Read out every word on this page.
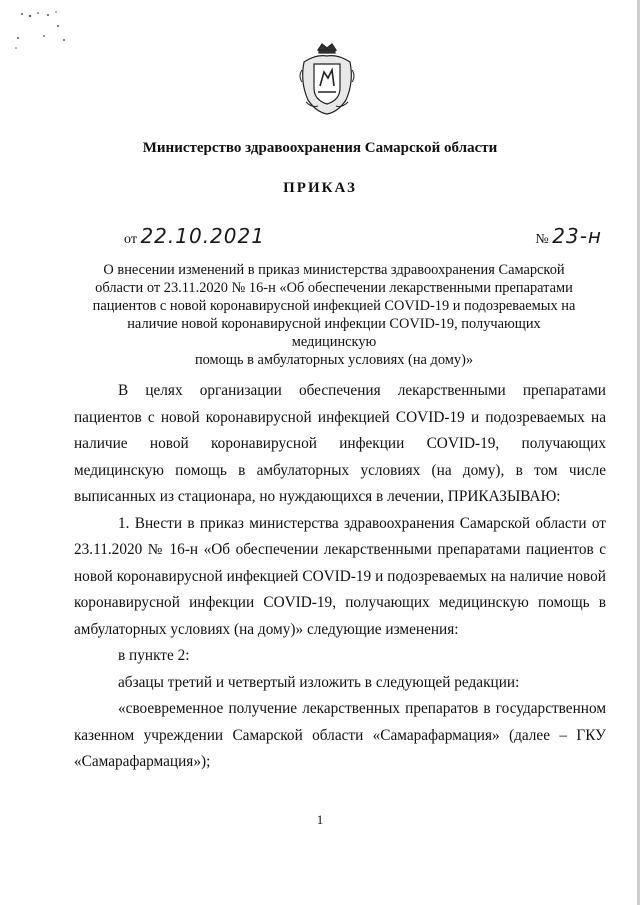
Министерство здравоохранения Самарской области
ПРИКАЗ
от 22.10.2021	№ 23-н
О внесении изменений в приказ министерства здравоохранения Самарской
области от 23.11.2020 № 16-н «Об обеспечении лекарственными препаратами
пациентов с новой коронавирусной инфекцией COVID-19 и подозреваемых на
наличие новой коронавирусной инфекции COVID-19, получающих медицинскую
помощь в амбулаторных условиях (на дому)»

В целях организации обеспечения лекарственными препаратами пациентов с новой коронавирусной инфекцией COVID-19 и подозреваемых на наличие новой коронавирусной инфекции COVID-19, получающих медицинскую помощь в амбулаторных условиях (на дому), в том числе выписанных из стационара, но нуждающихся в лечении, ПРИКАЗЫВАЮ:

1. Внести в приказ министерства здравоохранения Самарской области от 23.11.2020 № 16-н «Об обеспечении лекарственными препаратами пациентов с новой коронавирусной инфекцией COVID-19 и подозреваемых на наличие новой коронавирусной инфекции COVID-19, получающих медицинскую помощь в амбулаторных условиях (на дому)» следующие изменения:

в пункте 2:

абзацы третий и четвертый изложить в следующей редакции:

«своевременное получение лекарственных препаратов в государственном казенном учреждении Самарской области «Самарафармация» (далее – ГКУ «Самарафармация»);

1
